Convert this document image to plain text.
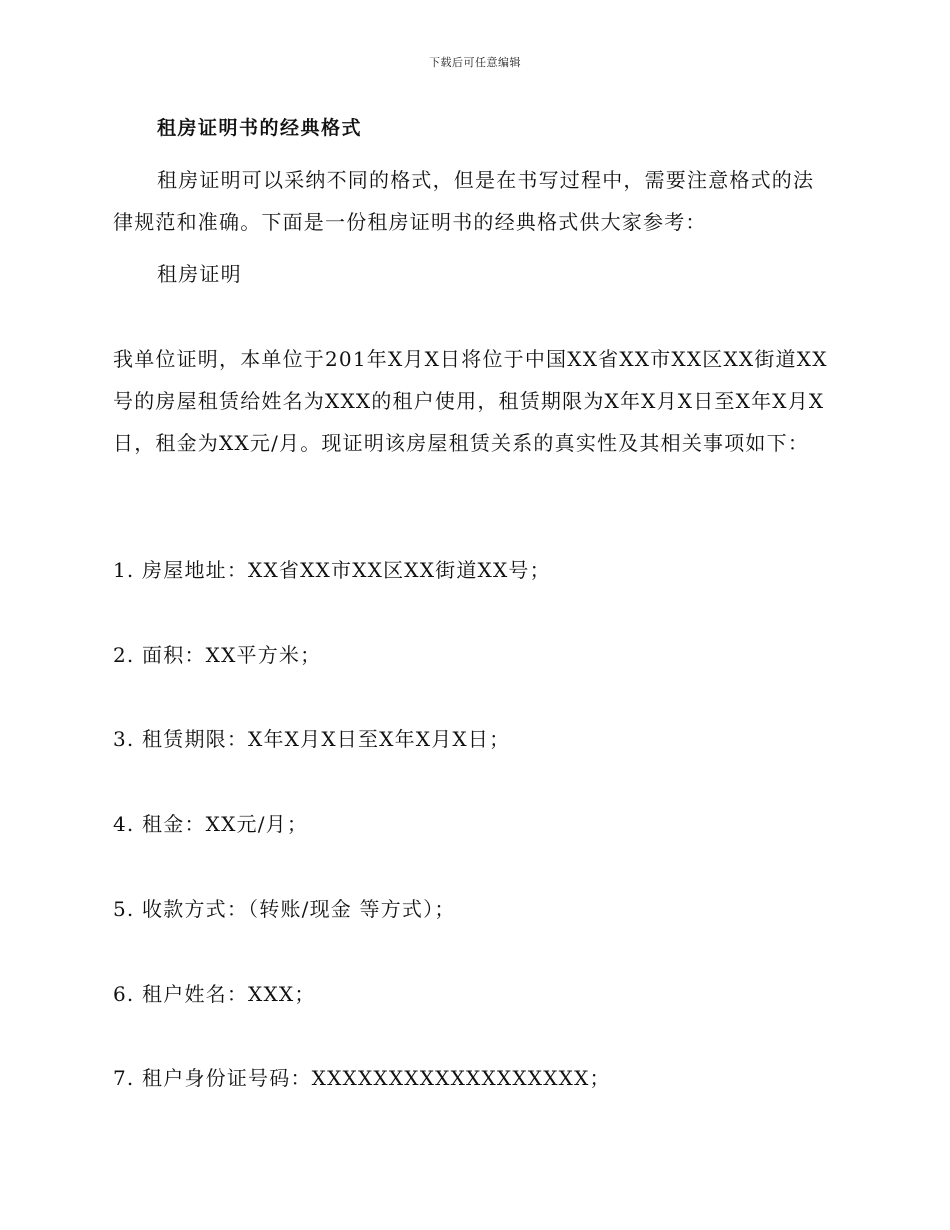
下载后可任意编辑
租房证明书的经典格式
租房证明可以采纳不同的格式，但是在书写过程中，需要注意格式的法律规范和准确。下面是一份租房证明书的经典格式供大家参考：
租房证明
我单位证明，本单位于201年X月X日将位于中国XX省XX市XX区XX街道XX号的房屋租赁给姓名为XXX的租户使用，租赁期限为X年X月X日至X年X月X日，租金为XX元/月。现证明该房屋租赁关系的真实性及其相关事项如下：
1. 房屋地址：XX省XX市XX区XX街道XX号；
2. 面积：XX平方米；
3. 租赁期限：X年X月X日至X年X月X日；
4. 租金：XX元/月；
5. 收款方式：（转账/现金 等方式）；
6. 租户姓名：XXX；
7. 租户身份证号码：XXXXXXXXXXXXXXXXXX；
